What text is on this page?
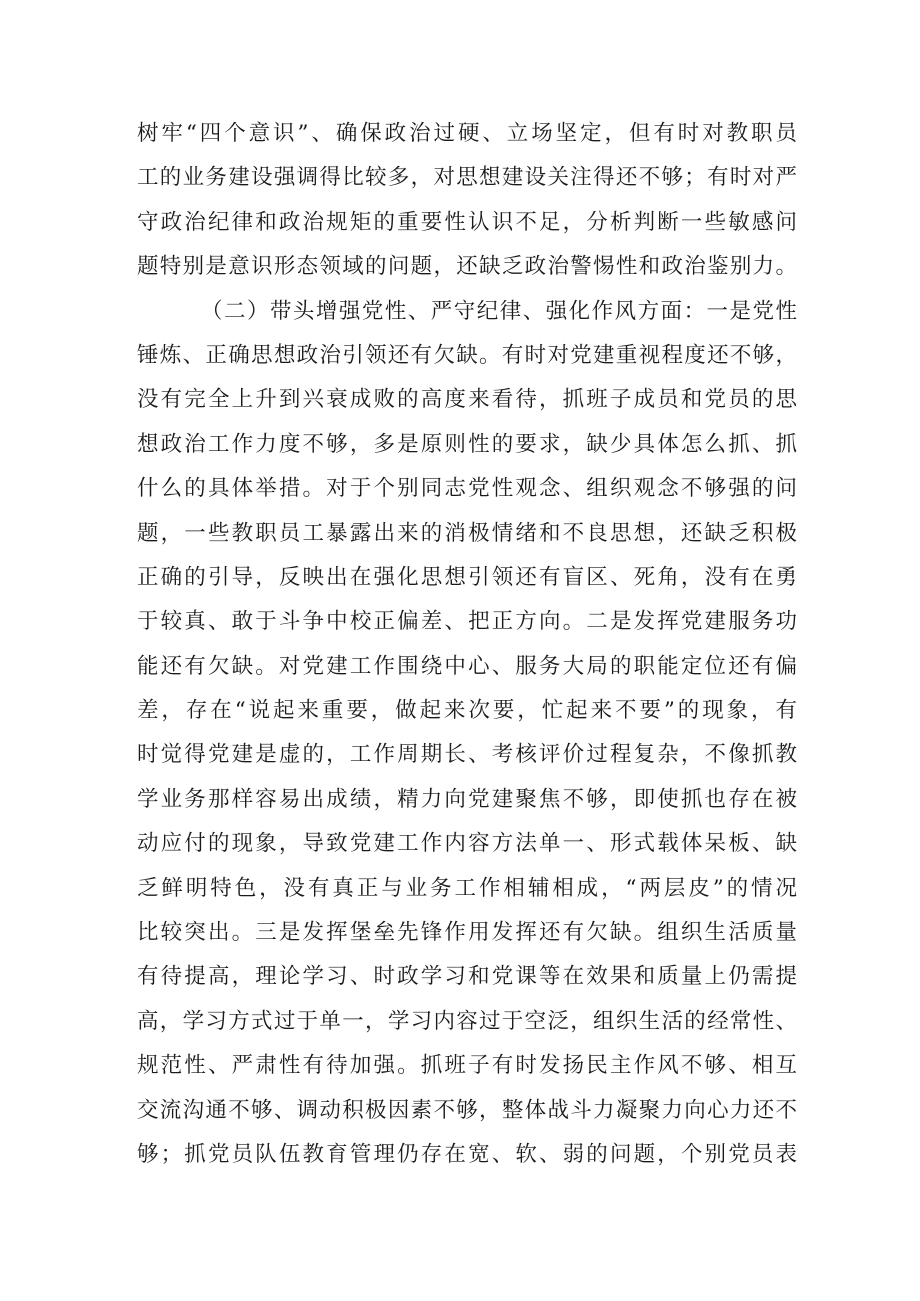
树牢“四个意识”、确保政治过硬、立场坚定，但有时对教职员
工的业务建设强调得比较多，对思想建设关注得还不够；有时对严
守政治纪律和政治规矩的重要性认识不足，分析判断一些敏感问
题特别是意识形态领域的问题，还缺乏政治警惕性和政治鉴别力。
（二）带头增强党性、严守纪律、强化作风方面：一是党性
锤炼、正确思想政治引领还有欠缺。有时对党建重视程度还不够，
没有完全上升到兴衰成败的高度来看待，抓班子成员和党员的思
想政治工作力度不够，多是原则性的要求，缺少具体怎么抓、抓
什么的具体举措。对于个别同志党性观念、组织观念不够强的问
题，一些教职员工暴露出来的消极情绪和不良思想，还缺乏积极
正确的引导，反映出在强化思想引领还有盲区、死角，没有在勇
于较真、敢于斗争中校正偏差、把正方向。二是发挥党建服务功
能还有欠缺。对党建工作围绕中心、服务大局的职能定位还有偏
差，存在“说起来重要，做起来次要，忙起来不要”的现象，有
时觉得党建是虚的，工作周期长、考核评价过程复杂，不像抓教
学业务那样容易出成绩，精力向党建聚焦不够，即使抓也存在被
动应付的现象，导致党建工作内容方法单一、形式载体呆板、缺
乏鲜明特色，没有真正与业务工作相辅相成，“两层皮”的情况
比较突出。三是发挥堡垒先锋作用发挥还有欠缺。组织生活质量
有待提高，理论学习、时政学习和党课等在效果和质量上仍需提
高，学习方式过于单一，学习内容过于空泛，组织生活的经常性、
规范性、严肃性有待加强。抓班子有时发扬民主作风不够、相互
交流沟通不够、调动积极因素不够，整体战斗力凝聚力向心力还不
够；抓党员队伍教育管理仍存在宽、软、弱的问题，个别党员表
